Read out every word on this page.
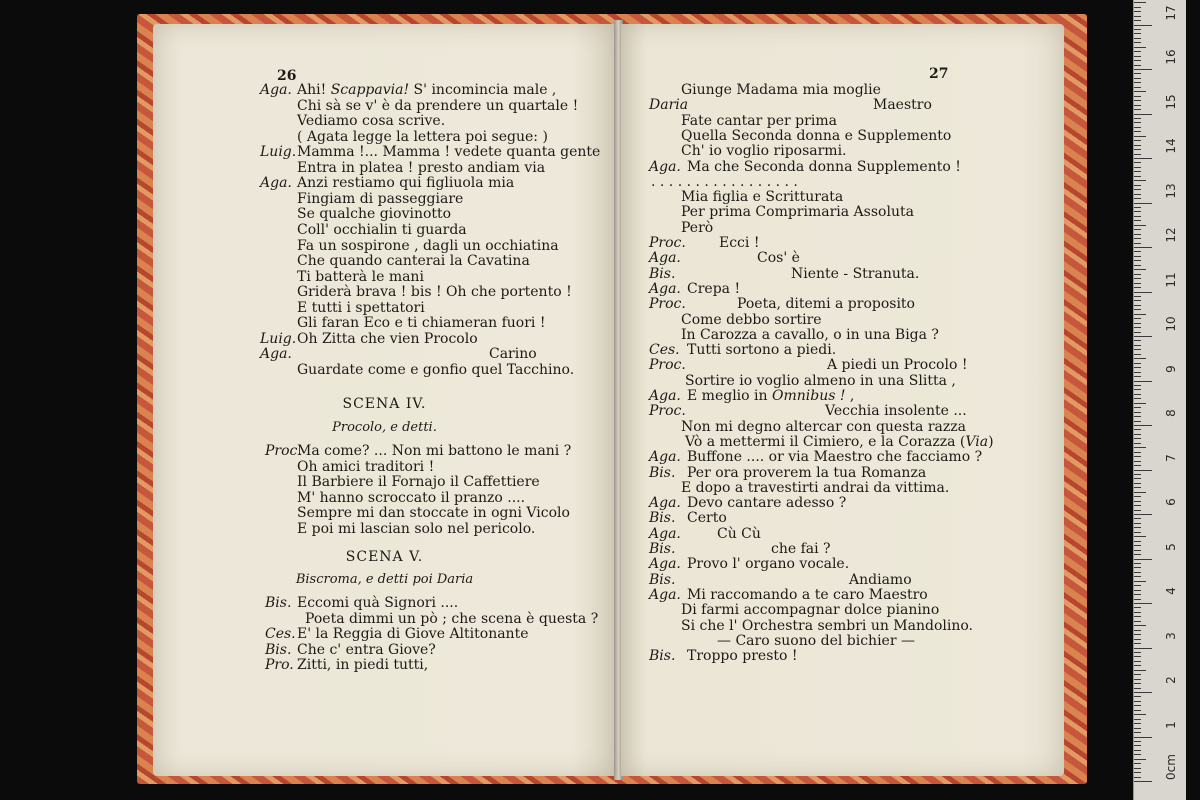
26
Aga. Ahi! Scappavia! S' incomincia male ,
Chi sà se v' è da prendere un quartale !
Vediamo cosa scrive.
( Agata legge la lettera poi segue: )
Luig. Mamma !... Mamma ! vedete quanta gente
Entra in platea ! presto andiam via
Aga. Anzi restiamo qui figliuola mia
Fingiam di passeggiare
Se qualche giovinotto
Coll' occhialin ti guarda
Fa un sospirone , dagli un occhiatina
Che quando canterai la Cavatina
Ti batterà le mani
Griderà brava ! bis ! Oh che portento !
E tutti i spettatori
Gli faran Eco e ti chiameran fuori !
Luig. Oh Zitta che vien Procolo
Aga.	Carino
Guardate come e gonfio quel Tacchino.
SCENA IV.
Procolo, e detti.
Proc.
Ma come? ... Non mi battono le mani ?
Oh amici traditori !
Il Barbiere il Fornajo il Caffettiere
M' hanno scroccato il pranzo ....
Sempre mi dan stoccate in ogni Vicolo
E poi mi lascian solo nel pericolo.
SCENA V.
Biscroma, e detti poi Daria
Bis. Eccomi quà Signori ....
Poeta dimmi un pò ; che scena è questa ?
Ces. E' la Reggia di Giove Altitonante
Bis. Che c' entra Giove?
Pro. Zitti, in piedi tutti,
27
Giunge Madama mia moglie
Daria	Maestro
Fate cantar per prima
Quella Seconda donna e Supplemento
Ch' io voglio riposarmi.
Aga. Ma che Seconda donna Supplemento !
. . . . . . . . . . . . . . . . .
Mia figlia e Scritturata
Per prima Comprimaria Assoluta
Però
Proc. Ecci !
Aga.	Cos' è
Bis.	Niente - Stranuta.
Aga. Crepa !
Proc.	Poeta, ditemi a proposito
Come debbo sortire
In Carozza a cavallo, o in una Biga ?
Ces. Tutti sortono a piedi.
Proc.	A piedi un Procolo !
Sortire io voglio almeno in una Slitta ,
Aga. E meglio in Omnibus ! ,
Proc.	Vecchia insolente ...
Non mi degno altercar con questa razza
Vò a mettermi il Cimiero, e la Corazza (Via)
Aga. Buffone .... or via Maestro che facciamo ?
Bis. Per ora proverem la tua Romanza
E dopo a travestirti andrai da vittima.
Aga. Devo cantare adesso ?
Bis. Certo
Aga.	Cù Cù
Bis.	che fai ?
Aga. Provo l' organo vocale.
Bis.	Andiamo
Aga. Mi raccomando a te caro Maestro
Di farmi accompagnar dolce pianino
Si che l' Orchestra sembri un Mandolino.
— Caro suono del bichier —
Bis. Troppo presto !
0cm
1
2
3
4
5
6
7
8
9
10
11
12
13
14
15
16
17
